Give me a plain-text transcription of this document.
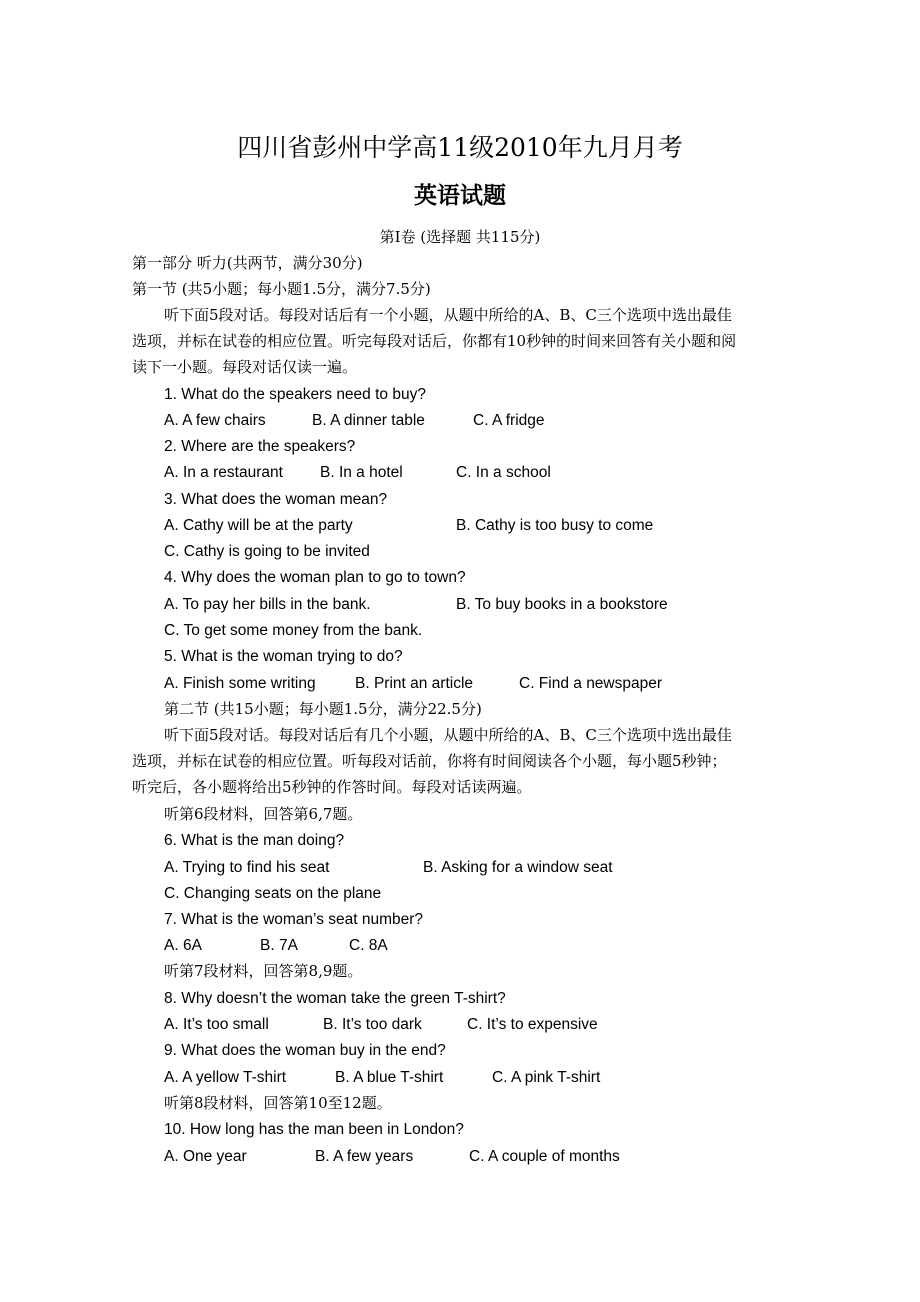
四川省彭州中学高11级2010年九月月考
英语试题
第Ⅰ卷 (选择题 共115分)
第一部分 听力(共两节，满分30分)
第一节 (共5小题；每小题1.5分，满分7.5分)
听下面5段对话。每段对话后有一个小题，从题中所给的A、B、C三个选项中选出最佳
选项，并标在试卷的相应位置。听完每段对话后，你都有10秒钟的时间来回答有关小题和阅
读下一小题。每段对话仅读一遍。
1. What do the speakers need to buy?
A. A few chairs	B. A dinner table	C. A fridge
2. Where are the speakers?
A. In a restaurant B. In a hotel	C. In a school
3. What does the woman mean?
A. Cathy will be at the party	B. Cathy is too busy to come
C. Cathy is going to be invited
4. Why does the woman plan to go to town?
A. To pay her bills in the bank.	B. To buy books in a bookstore
C. To get some money from the bank.
5. What is the woman trying to do?
A. Finish some writing	B. Print an article	C. Find a newspaper
第二节 (共15小题；每小题1.5分，满分22.5分)
听下面5段对话。每段对话后有几个小题，从题中所给的A、B、C三个选项中选出最佳
选项，并标在试卷的相应位置。听每段对话前，你将有时间阅读各个小题，每小题5秒钟；
听完后，各小题将给出5秒钟的作答时间。每段对话读两遍。
听第6段材料，回答第6,7题。
6. What is the man doing?
A. Trying to find his seat	B. Asking for a window seat
C. Changing seats on the plane
7. What is the woman’s seat number?
A. 6A	B. 7A	C. 8A
听第7段材料，回答第8,9题。
8. Why doesn’t the woman take the green T-shirt?
A. It’s too small	B. It’s too dark	C. It’s to expensive
9. What does the woman buy in the end?
A. A yellow T-shirt	B. A blue T-shirt	C. A pink T-shirt
听第8段材料，回答第10至12题。
10. How long has the man been in London?
A. One year	B. A few years	C. A couple of months
